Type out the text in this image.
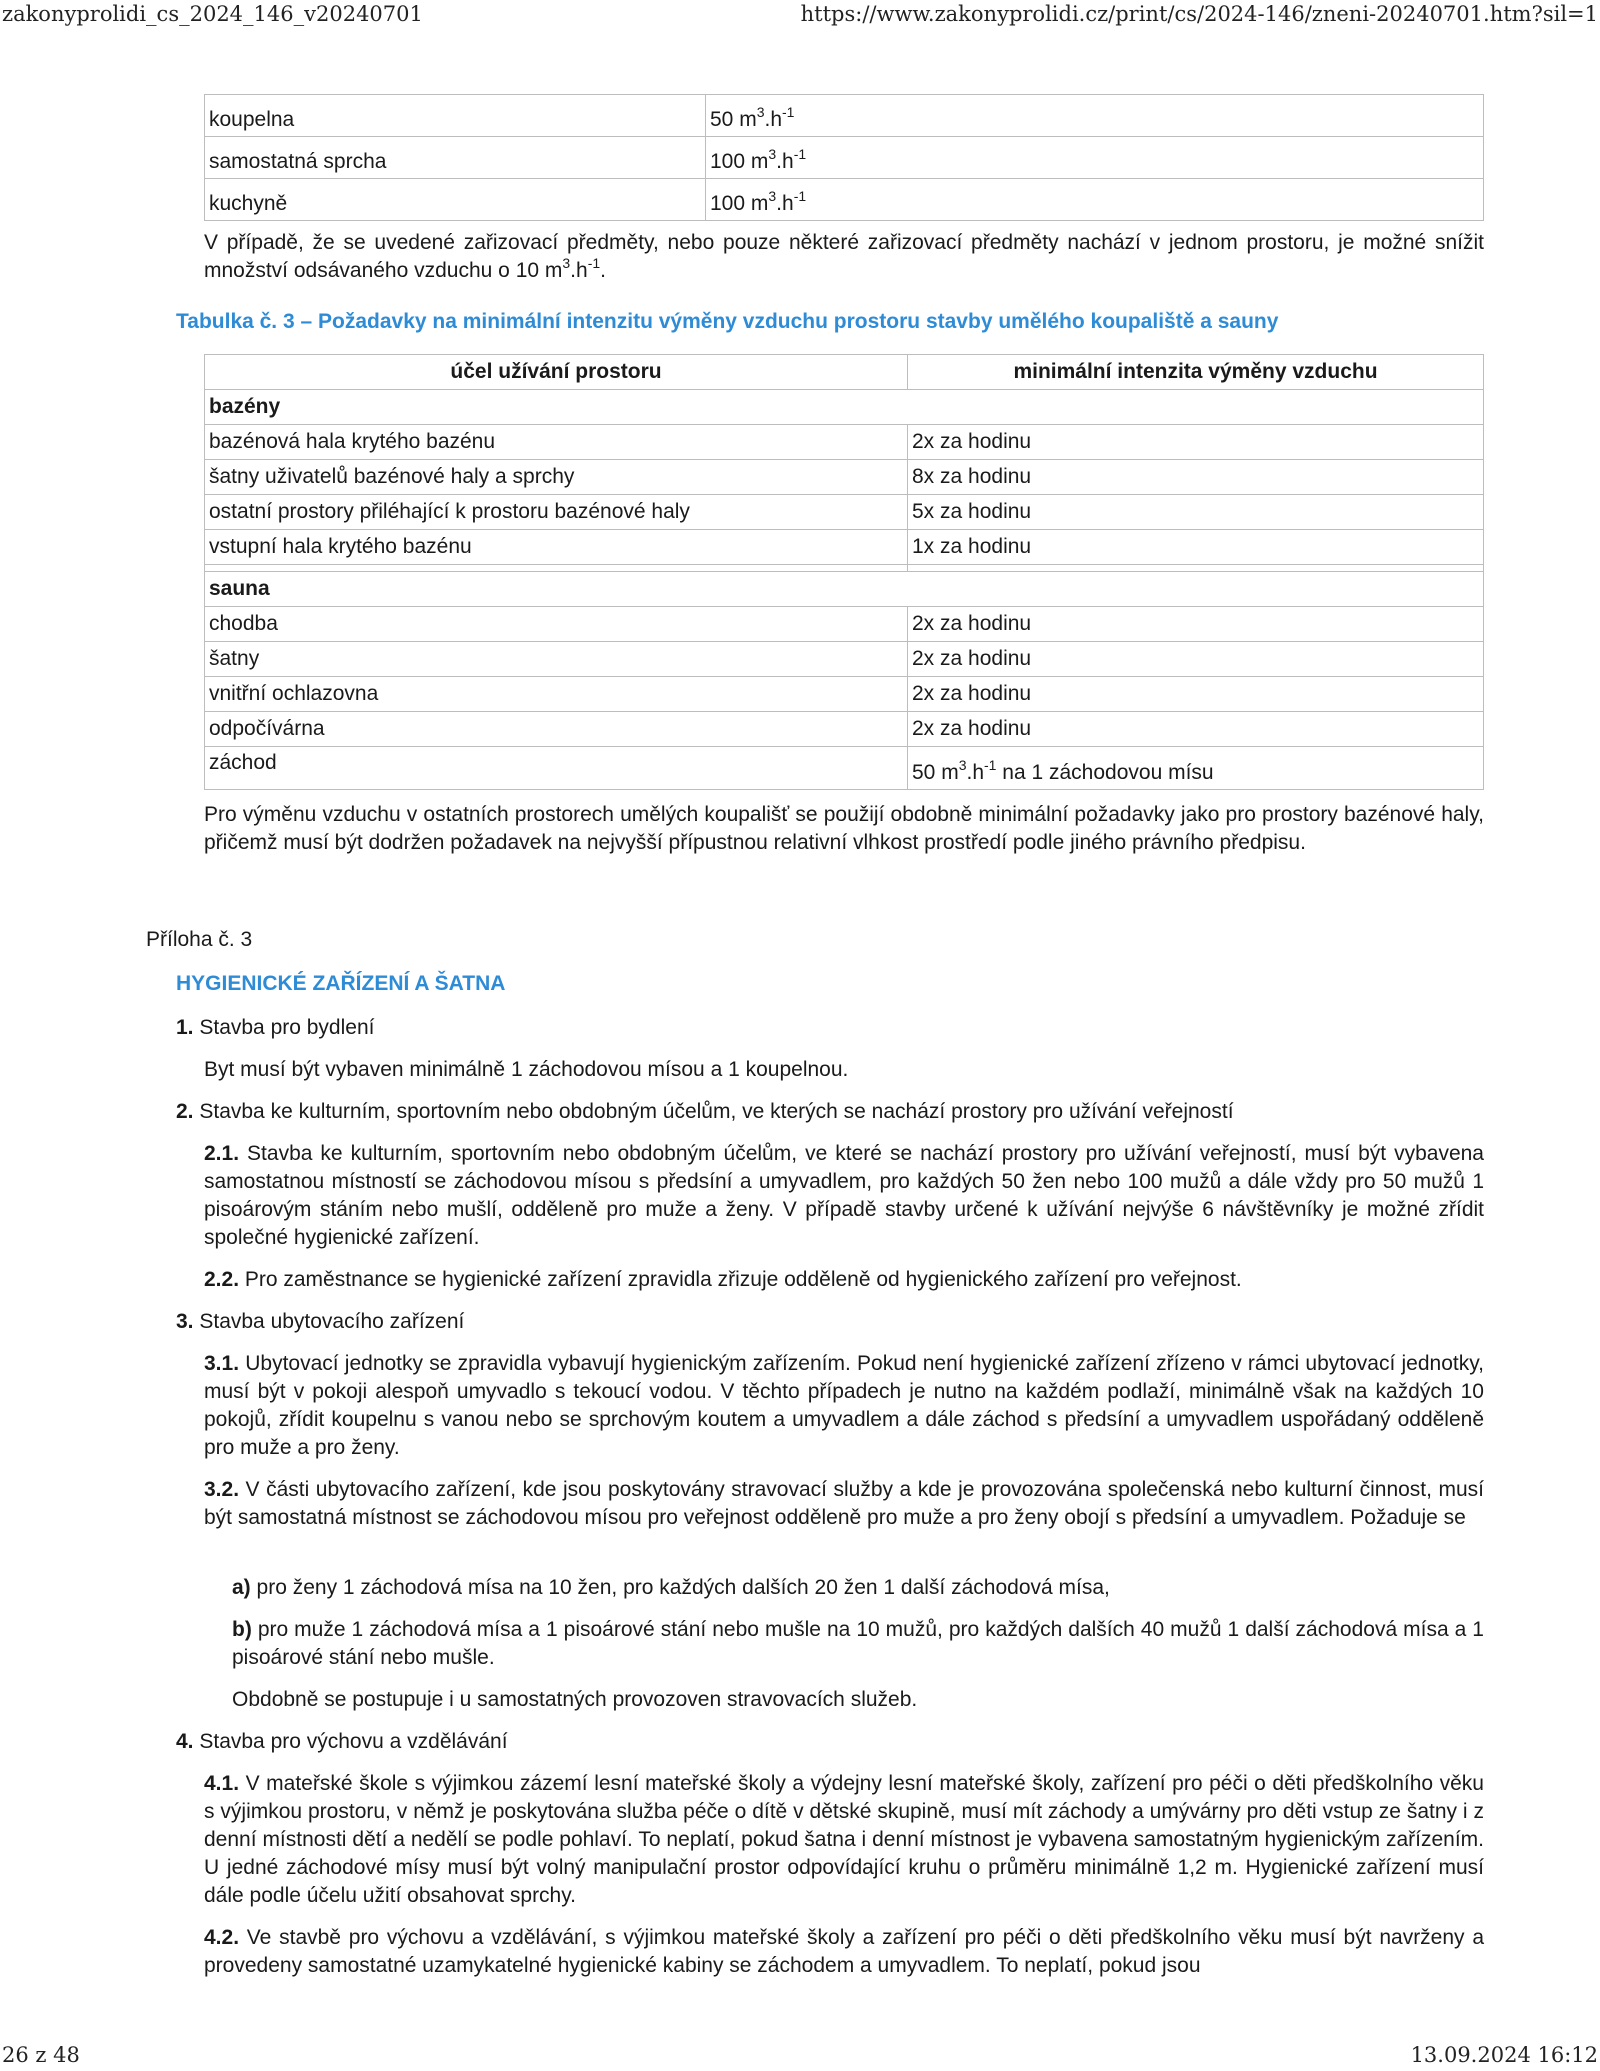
zakonyprolidi_cs_2024_146_v20240701	https://www.zakonyprolidi.cz/print/cs/2024-146/zneni-20240701.htm?sil=1
koupelna	50 $m^3.h^{-1}$
samostatná sprcha	100 $m^3.h^{-1}$
kuchyně	100 $m^3.h^{-1}$
V případě, že se uvedené zařizovací předměty, nebo pouze některé zařizovací předměty nachází v jednom prostoru, je možné snížit množství odsávaného vzduchu o 10 $m^3.h^{-1}$.
Tabulka č. 3 – Požadavky na minimální intenzitu výměny vzduchu prostoru stavby umělého koupaliště a sauny
účel užívání prostoru	minimální intenzita výměny vzduchu
bazény	
bazénová hala krytého bazénu	2x za hodinu
šatny uživatelů bazénové haly a sprchy	8x za hodinu
ostatní prostory přiléhající k prostoru bazénové haly	5x za hodinu
vstupní hala krytého bazénu	1x za hodinu

sauna	
chodba	2x za hodinu
šatny	2x za hodinu
vnitřní ochlazovna	2x za hodinu
odpočívárna	2x za hodinu
záchod	50 $m^3.h^{-1}$ na 1 záchodovou mísu
Pro výměnu vzduchu v ostatních prostorech umělých koupališť se použijí obdobně minimální požadavky jako pro prostory bazénové haly, přičemž musí být dodržen požadavek na nejvyšší přípustnou relativní vlhkost prostředí podle jiného právního předpisu.
Příloha č. 3
HYGIENICKÉ ZAŘÍZENÍ A ŠATNA
1. Stavba pro bydlení
Byt musí být vybaven minimálně 1 záchodovou mísou a 1 koupelnou.
2. Stavba ke kulturním, sportovním nebo obdobným účelům, ve kterých se nachází prostory pro užívání veřejností
2.1. Stavba ke kulturním, sportovním nebo obdobným účelům, ve které se nachází prostory pro užívání veřejností, musí být vybavena samostatnou místností se záchodovou mísou s předsíní a umyvadlem, pro každých 50 žen nebo 100 mužů a dále vždy pro 50 mužů 1 pisoárovým stáním nebo mušlí, odděleně pro muže a ženy. V případě stavby určené k užívání nejvýše 6 návštěvníky je možné zřídit společné hygienické zařízení.
2.2. Pro zaměstnance se hygienické zařízení zpravidla zřizuje odděleně od hygienického zařízení pro veřejnost.
3. Stavba ubytovacího zařízení
3.1. Ubytovací jednotky se zpravidla vybavují hygienickým zařízením. Pokud není hygienické zařízení zřízeno v rámci ubytovací jednotky, musí být v pokoji alespoň umyvadlo s tekoucí vodou. V těchto případech je nutno na každém podlaží, minimálně však na každých 10 pokojů, zřídit koupelnu s vanou nebo se sprchovým koutem a umyvadlem a dále záchod s předsíní a umyvadlem uspořádaný odděleně pro muže a pro ženy.
3.2. V části ubytovacího zařízení, kde jsou poskytovány stravovací služby a kde je provozována společenská nebo kulturní činnost, musí být samostatná místnost se záchodovou mísou pro veřejnost odděleně pro muže a pro ženy obojí s předsíní a umyvadlem. Požaduje se
a) pro ženy 1 záchodová mísa na 10 žen, pro každých dalších 20 žen 1 další záchodová mísa,
b) pro muže 1 záchodová mísa a 1 pisoárové stání nebo mušle na 10 mužů, pro každých dalších 40 mužů 1 další záchodová mísa a 1 pisoárové stání nebo mušle.
Obdobně se postupuje i u samostatných provozoven stravovacích služeb.
4. Stavba pro výchovu a vzdělávání
4.1. V mateřské škole s výjimkou zázemí lesní mateřské školy a výdejny lesní mateřské školy, zařízení pro péči o děti předškolního věku s výjimkou prostoru, v němž je poskytována služba péče o dítě v dětské skupině, musí mít záchody a umývárny pro děti vstup ze šatny i z denní místnosti dětí a nedělí se podle pohlaví. To neplatí, pokud šatna i denní místnost je vybavena samostatným hygienickým zařízením. U jedné záchodové mísy musí být volný manipulační prostor odpovídající kruhu o průměru minimálně 1,2 m. Hygienické zařízení musí dále podle účelu užití obsahovat sprchy.
4.2. Ve stavbě pro výchovu a vzdělávání, s výjimkou mateřské školy a zařízení pro péči o děti předškolního věku musí být navrženy a provedeny samostatné uzamykatelné hygienické kabiny se záchodem a umyvadlem. To neplatí, pokud jsou
26 z 48	13.09.2024 16:12
